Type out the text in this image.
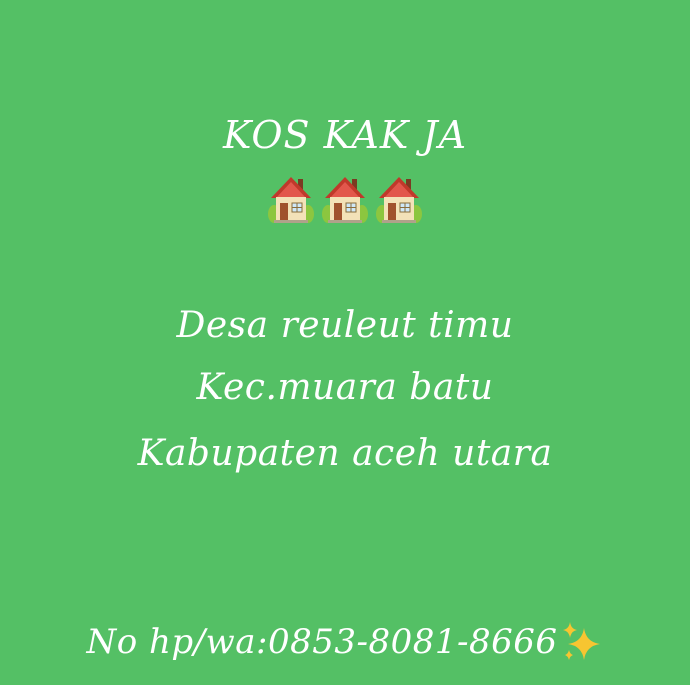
KOS KAK JA
Desa reuleut timu
Kec.muara batu
Kabupaten aceh utara
No hp/wa:0853-8081-8666
